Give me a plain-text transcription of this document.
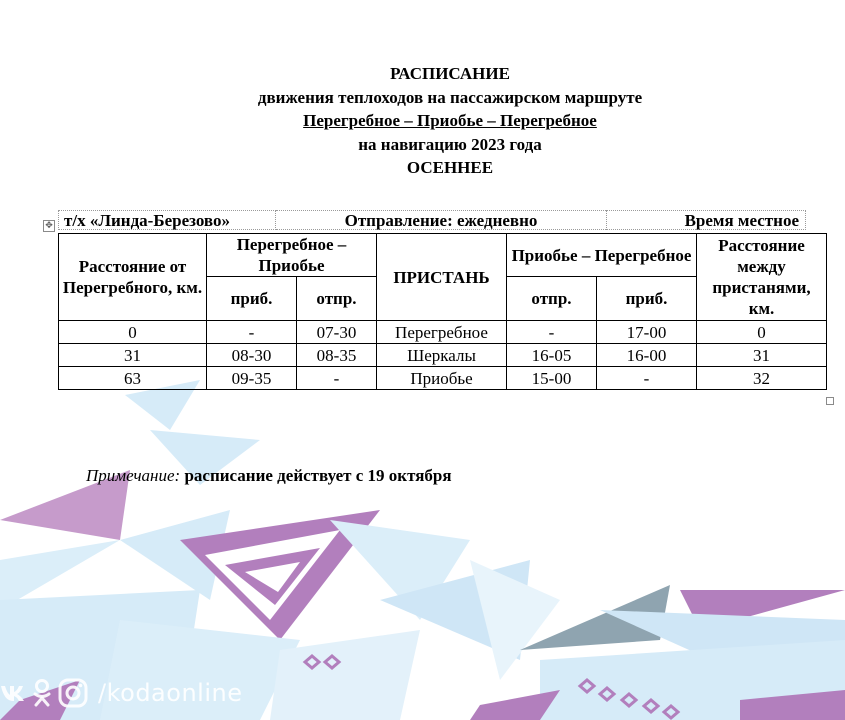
РАСПИСАНИЕ
движения теплоходов на пассажирском маршруте
Перегребное – Приобье – Перегребное
на навигацию 2023 года
ОСЕННЕЕ
✥ т/х «Линда-Березово»	Отправление: ежедневно	Время местное
Расстояние от Перегребного, км.	Перегребное – Приобье		ПРИСТАНЬ	Приобье – Перегребное		Расстояние между пристанями, км.
	приб.	отпр.		отпр.	приб.	
0	-	07-30	Перегребное	-	17-00	0
31	08-30	08-35	Шеркалы	16-05	16-00	31
63	09-35	-	Приобье	15-00	-	32
Примечание: расписание действует с 19 октября
/kodaonline
